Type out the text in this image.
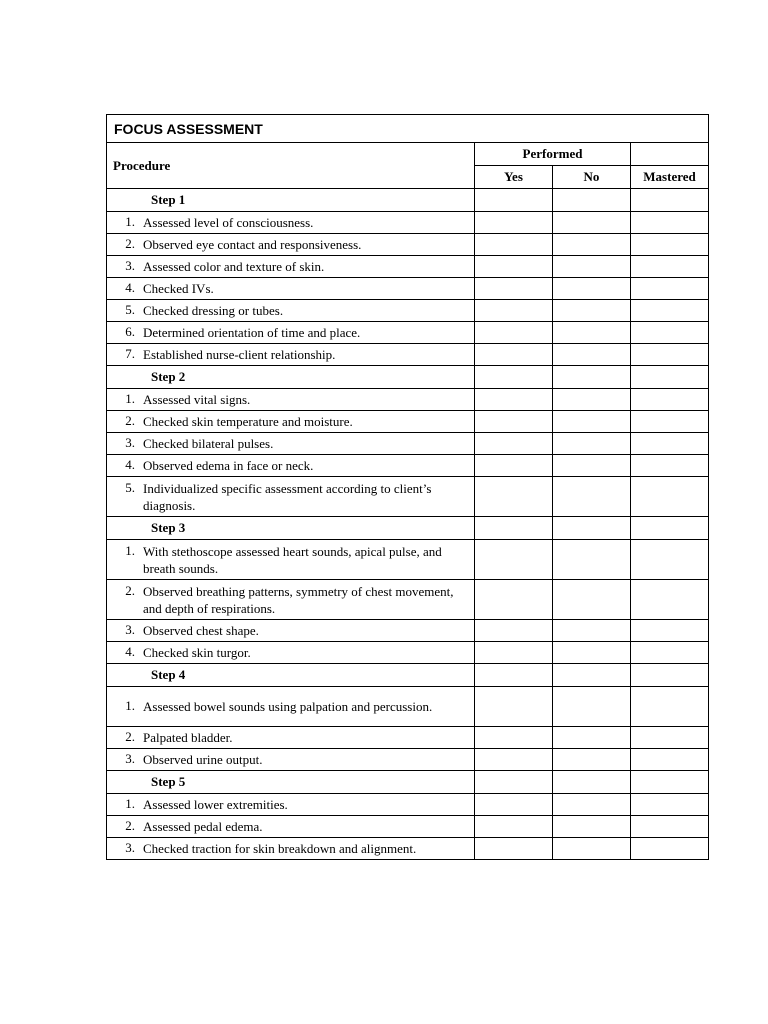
FOCUS ASSESSMENT			
Procedure	Performed		
	Yes	No	Mastered
Step 1			

1. Assessed level of consciousness.			

2. Observed eye contact and responsiveness.			

3. Assessed color and texture of skin.			

4. Checked IVs.			

5. Checked dressing or tubes.			

6. Determined orientation of time and place.			

7. Established nurse-client relationship.			

Step 2			

1. Assessed vital signs.			

2. Checked skin temperature and moisture.			

3. Checked bilateral pulses.			

4. Observed edema in face or neck.			

5. Individualized specific assessment according to client’s diagnosis.			

Step 3			

1. With stethoscope assessed heart sounds, apical pulse, and breath sounds.			

2. Observed breathing patterns, symmetry of chest movement, and depth of respirations.			

3. Observed chest shape.			

4. Checked skin turgor.			

Step 4			

1. Assessed bowel sounds using palpation and percussion.			

2. Palpated bladder.			

3. Observed urine output.			

Step 5			

1. Assessed lower extremities.			

2. Assessed pedal edema.			

3. Checked traction for skin breakdown and alignment.			
